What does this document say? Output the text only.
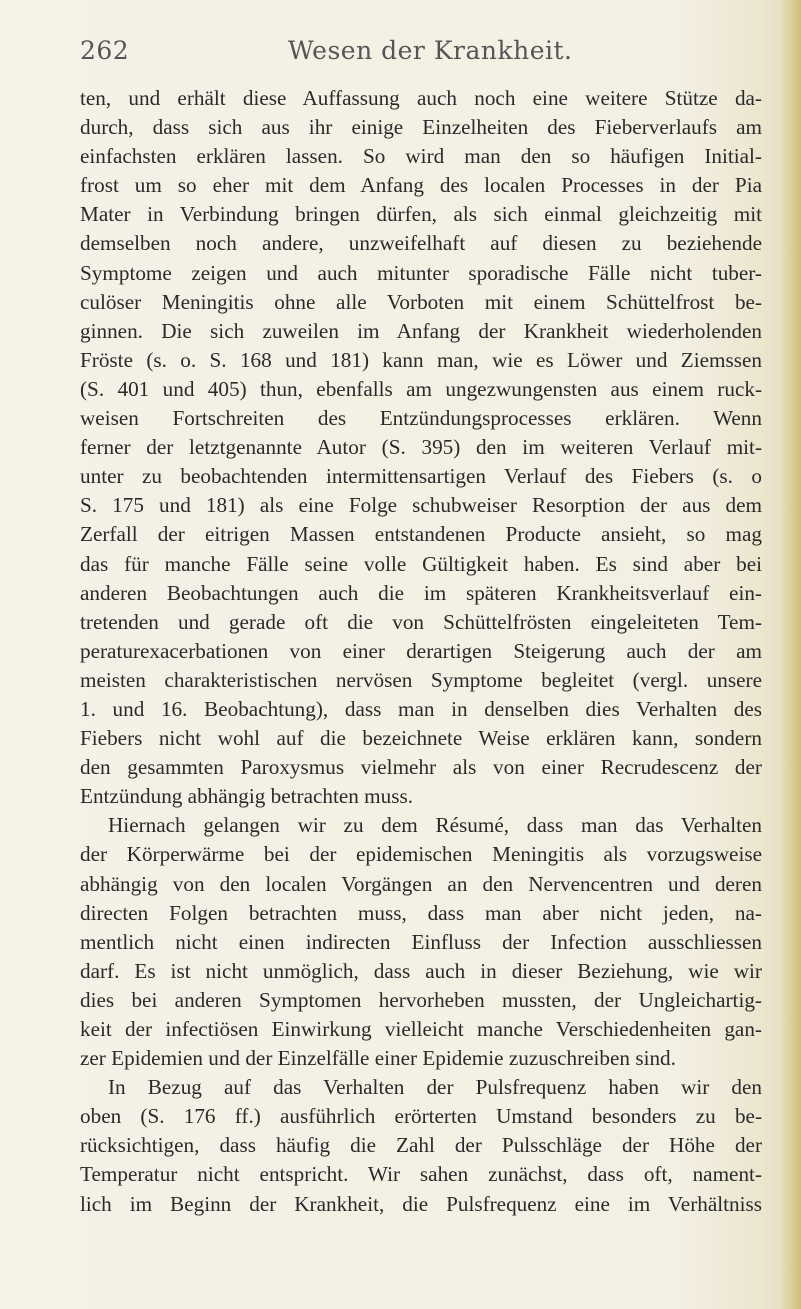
262	Wesen der Krankheit.
ten, und erhält diese Auffassung auch noch eine weitere Stütze da-
durch, dass sich aus ihr einige Einzelheiten des Fieberverlaufs am
einfachsten erklären lassen. So wird man den so häufigen Initial-
frost um so eher mit dem Anfang des localen Processes in der Pia
Mater in Verbindung bringen dürfen, als sich einmal gleichzeitig mit
demselben noch andere, unzweifelhaft auf diesen zu beziehende
Symptome zeigen und auch mitunter sporadische Fälle nicht tuber-
culöser Meningitis ohne alle Vorboten mit einem Schüttelfrost be-
ginnen. Die sich zuweilen im Anfang der Krankheit wiederholenden
Fröste (s. o. S. 168 und 181) kann man, wie es Löwer und Ziemssen
(S. 401 und 405) thun, ebenfalls am ungezwungensten aus einem ruck-
weisen Fortschreiten des Entzündungsprocesses erklären. Wenn
ferner der letztgenannte Autor (S. 395) den im weiteren Verlauf mit-
unter zu beobachtenden intermittensartigen Verlauf des Fiebers (s. o
S. 175 und 181) als eine Folge schubweiser Resorption der aus dem
Zerfall der eitrigen Massen entstandenen Producte ansieht, so mag
das für manche Fälle seine volle Gültigkeit haben. Es sind aber bei
anderen Beobachtungen auch die im späteren Krankheitsverlauf ein-
tretenden und gerade oft die von Schüttelfrösten eingeleiteten Tem-
peraturexacerbationen von einer derartigen Steigerung auch der am
meisten charakteristischen nervösen Symptome begleitet (vergl. unsere
1. und 16. Beobachtung), dass man in denselben dies Verhalten des
Fiebers nicht wohl auf die bezeichnete Weise erklären kann, sondern
den gesammten Paroxysmus vielmehr als von einer Recrudescenz der
Entzündung abhängig betrachten muss.
Hiernach gelangen wir zu dem Résumé, dass man das Verhalten
der Körperwärme bei der epidemischen Meningitis als vorzugsweise
abhängig von den localen Vorgängen an den Nervencentren und deren
directen Folgen betrachten muss, dass man aber nicht jeden, na-
mentlich nicht einen indirecten Einfluss der Infection ausschliessen
darf. Es ist nicht unmöglich, dass auch in dieser Beziehung, wie wir
dies bei anderen Symptomen hervorheben mussten, der Ungleichartig-
keit der infectiösen Einwirkung vielleicht manche Verschiedenheiten gan-
zer Epidemien und der Einzelfälle einer Epidemie zuzuschreiben sind.
In Bezug auf das Verhalten der Pulsfrequenz haben wir den
oben (S. 176 ff.) ausführlich erörterten Umstand besonders zu be-
rücksichtigen, dass häufig die Zahl der Pulsschläge der Höhe der
Temperatur nicht entspricht. Wir sahen zunächst, dass oft, nament-
lich im Beginn der Krankheit, die Pulsfrequenz eine im Verhältniss
